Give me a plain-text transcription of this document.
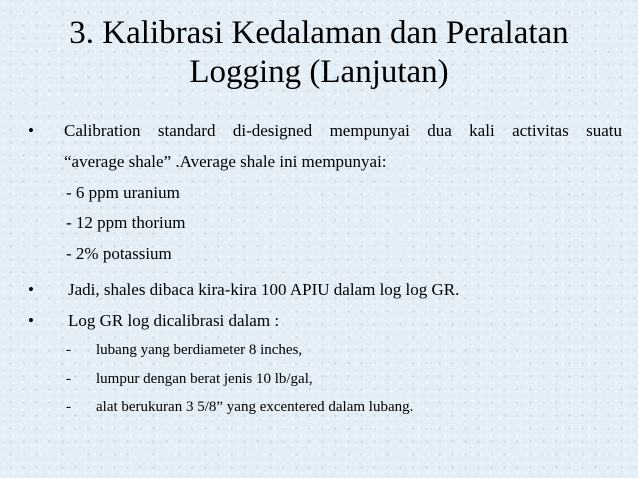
3. Kalibrasi Kedalaman dan Peralatan
Logging (Lanjutan)
• Calibration standard di-designed mempunyai dua kali activitas suatu
“average shale” .Average shale ini mempunyai:
- 6 ppm uranium
- 12 ppm thorium
- 2% potassium
• Jadi, shales dibaca kira-kira 100 APIU dalam log log GR.
• Log GR log dicalibrasi dalam :
- lubang yang berdiameter 8 inches,
- lumpur dengan berat jenis 10 lb/gal,
- alat berukuran 3 5/8” yang excentered dalam lubang.
